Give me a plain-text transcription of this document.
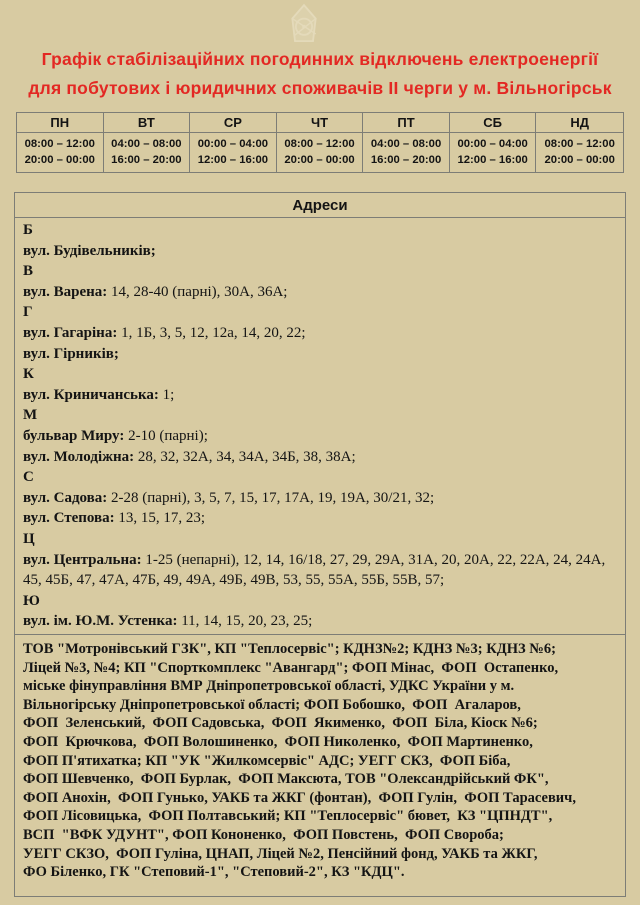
Графік стабілізаційних погодинних відключень електроенергії
для побутових і юридичних споживачів II черги у м. Вільногірськ
ПН
08:00 – 12:00
20:00 – 00:00
ВТ
04:00 – 08:00
16:00 – 20:00
СР
00:00 – 04:00
12:00 – 16:00
ЧТ
08:00 – 12:00
20:00 – 00:00
ПТ
04:00 – 08:00
16:00 – 20:00
СБ
00:00 – 04:00
12:00 – 16:00
НД
08:00 – 12:00
20:00 – 00:00
Адреси
Б
вул. Будівельників;
В
вул. Варена: 14, 28-40 (парні), 30А, 36А;
Г
вул. Гагаріна: 1, 1Б, 3, 5, 12, 12а, 14, 20, 22;
вул. Гірників;
К
вул. Криничанська: 1;
М
бульвар Миру: 2-10 (парні);
вул. Молодіжна: 28, 32, 32А, 34, 34А, 34Б, 38, 38А;
С
вул. Садова: 2-28 (парні), 3, 5, 7, 15, 17, 17А, 19, 19А, 30/21, 32;
вул. Степова: 13, 15, 17, 23;
Ц
вул. Центральна: 1-25 (непарні), 12, 14, 16/18, 27, 29, 29А, 31А, 20, 20А, 22, 22А, 24, 24А, 45, 45Б, 47, 47А, 47Б, 49, 49А, 49Б, 49В, 53, 55, 55А, 55Б, 55В, 57;
Ю
вул. ім. Ю.М. Устенка: 11, 14, 15, 20, 23, 25;
ТОВ "Мотронівський ГЗК", КП "Теплосервіс"; КДНЗ№2; КДНЗ №3; КДНЗ №6;
Ліцей №3, №4; КП "Спорткомплекс "Авангард"; ФОП Мінас,  ФОП  Остапенко,
міське фінуправління ВМР Дніпропетровської області, УДКС України у м.
Вільногірську Дніпропетровської області; ФОП Бобошко,  ФОП  Агаларов,
ФОП  Зеленський,  ФОП Садовська,  ФОП  Якименко,  ФОП  Біла, Кіоск №6;
ФОП  Крючкова,  ФОП Волошиненко,  ФОП Николенко,  ФОП Мартиненко,
ФОП П'ятихатка; КП "УК "Жилкомсервіс" АДС; УЕГГ СКЗ,  ФОП Біба,
ФОП Шевченко,  ФОП Бурлак,  ФОП Максюта, ТОВ "Олександрійський ФК",
ФОП Анохін,  ФОП Гунько, УАКБ та ЖКГ (фонтан),  ФОП Гулін,  ФОП Тарасевич,
ФОП Лісовицька,  ФОП Полтавський; КП "Теплосервіс" бювет,  КЗ "ЦПНДТ",
ВСП  "ВФК УДУНТ", ФОП Кононенко,  ФОП Повстень,  ФОП Свороба;
УЕГГ СКЗО,  ФОП Гуліна, ЦНАП, Ліцей №2, Пенсійний фонд, УАКБ та ЖКГ,
ФО Біленко, ГК "Степовий-1", "Степовий-2", КЗ "КДЦ".
